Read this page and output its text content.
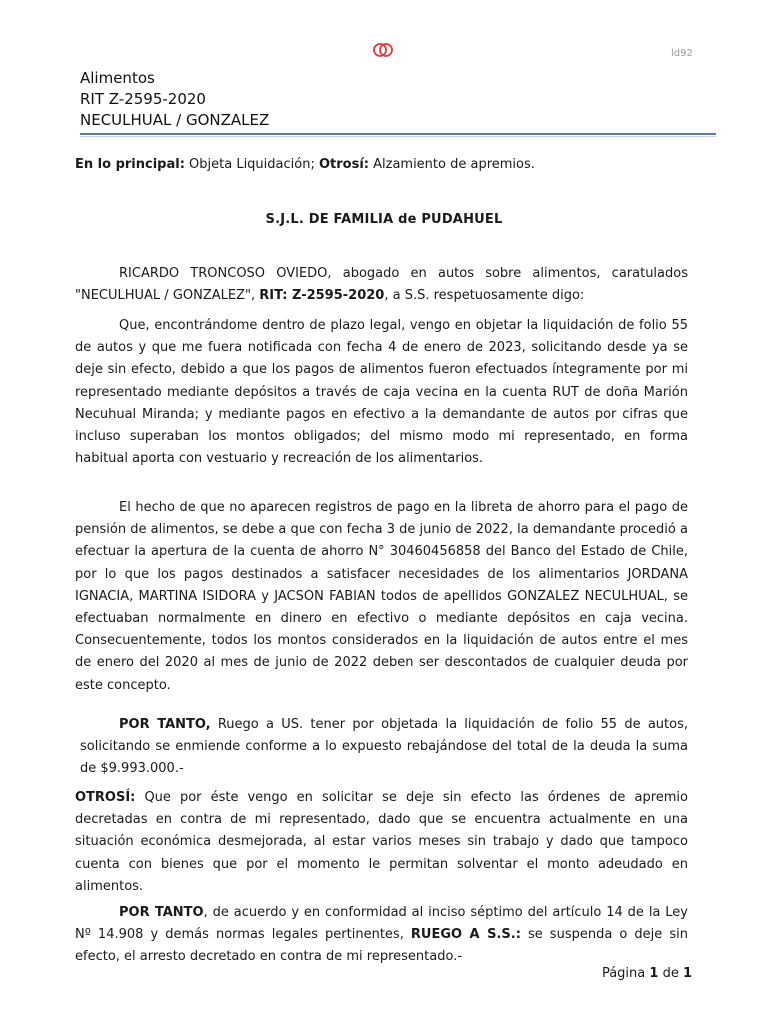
ld92
Alimentos
RIT Z-2595-2020
NECULHUAL / GONZALEZ
En lo principal: Objeta Liquidación; Otrosí: Alzamiento de apremios.
S.J.L. DE FAMILIA de PUDAHUEL

RICARDO TRONCOSO OVIEDO, abogado en autos sobre alimentos, caratulados "NECULHUAL / GONZALEZ", RIT: Z-2595-2020, a S.S. respetuosamente digo:

Que, encontrándome dentro de plazo legal, vengo en objetar la liquidación de folio 55 de autos y que me fuera notificada con fecha 4 de enero de 2023, solicitando desde ya se deje sin efecto, debido a que los pagos de alimentos fueron efectuados íntegramente por mi representado mediante depósitos a través de caja vecina en la cuenta RUT de doña Marión Necuhual Miranda; y mediante pagos en efectivo a la demandante de autos por cifras que incluso superaban los montos obligados; del mismo modo mi representado, en forma habitual aporta con vestuario y recreación de los alimentarios.

El hecho de que no aparecen registros de pago en la libreta de ahorro para el pago de pensión de alimentos, se debe a que con fecha 3 de junio de 2022, la demandante procedió a efectuar la apertura de la cuenta de ahorro N° 30460456858 del Banco del Estado de Chile, por lo que los pagos destinados a satisfacer necesidades de los alimentarios JORDANA IGNACIA, MARTINA ISIDORA y JACSON FABIAN todos de apellidos GONZALEZ NECULHUAL, se efectuaban normalmente en dinero en efectivo o mediante depósitos en caja vecina. Consecuentemente, todos los montos considerados en la liquidación de autos entre el mes de enero del 2020 al mes de junio de 2022 deben ser descontados de cualquier deuda por este concepto.

POR TANTO, Ruego a US. tener por objetada la liquidación de folio 55 de autos, solicitando se enmiende conforme a lo expuesto rebajándose del total de la deuda la suma de $9.993.000.-

OTROSÍ: Que por éste vengo en solicitar se deje sin efecto las órdenes de apremio decretadas en contra de mi representado, dado que se encuentra actualmente en una situación económica desmejorada, al estar varios meses sin trabajo y dado que tampoco cuenta con bienes que por el momento le permitan solventar el monto adeudado en alimentos.

POR TANTO, de acuerdo y en conformidad al inciso séptimo del artículo 14 de la Ley Nº 14.908 y demás normas legales pertinentes, RUEGO A S.S.: se suspenda o deje sin efecto, el arresto decretado en contra de mi representado.-

Página 1 de 1
